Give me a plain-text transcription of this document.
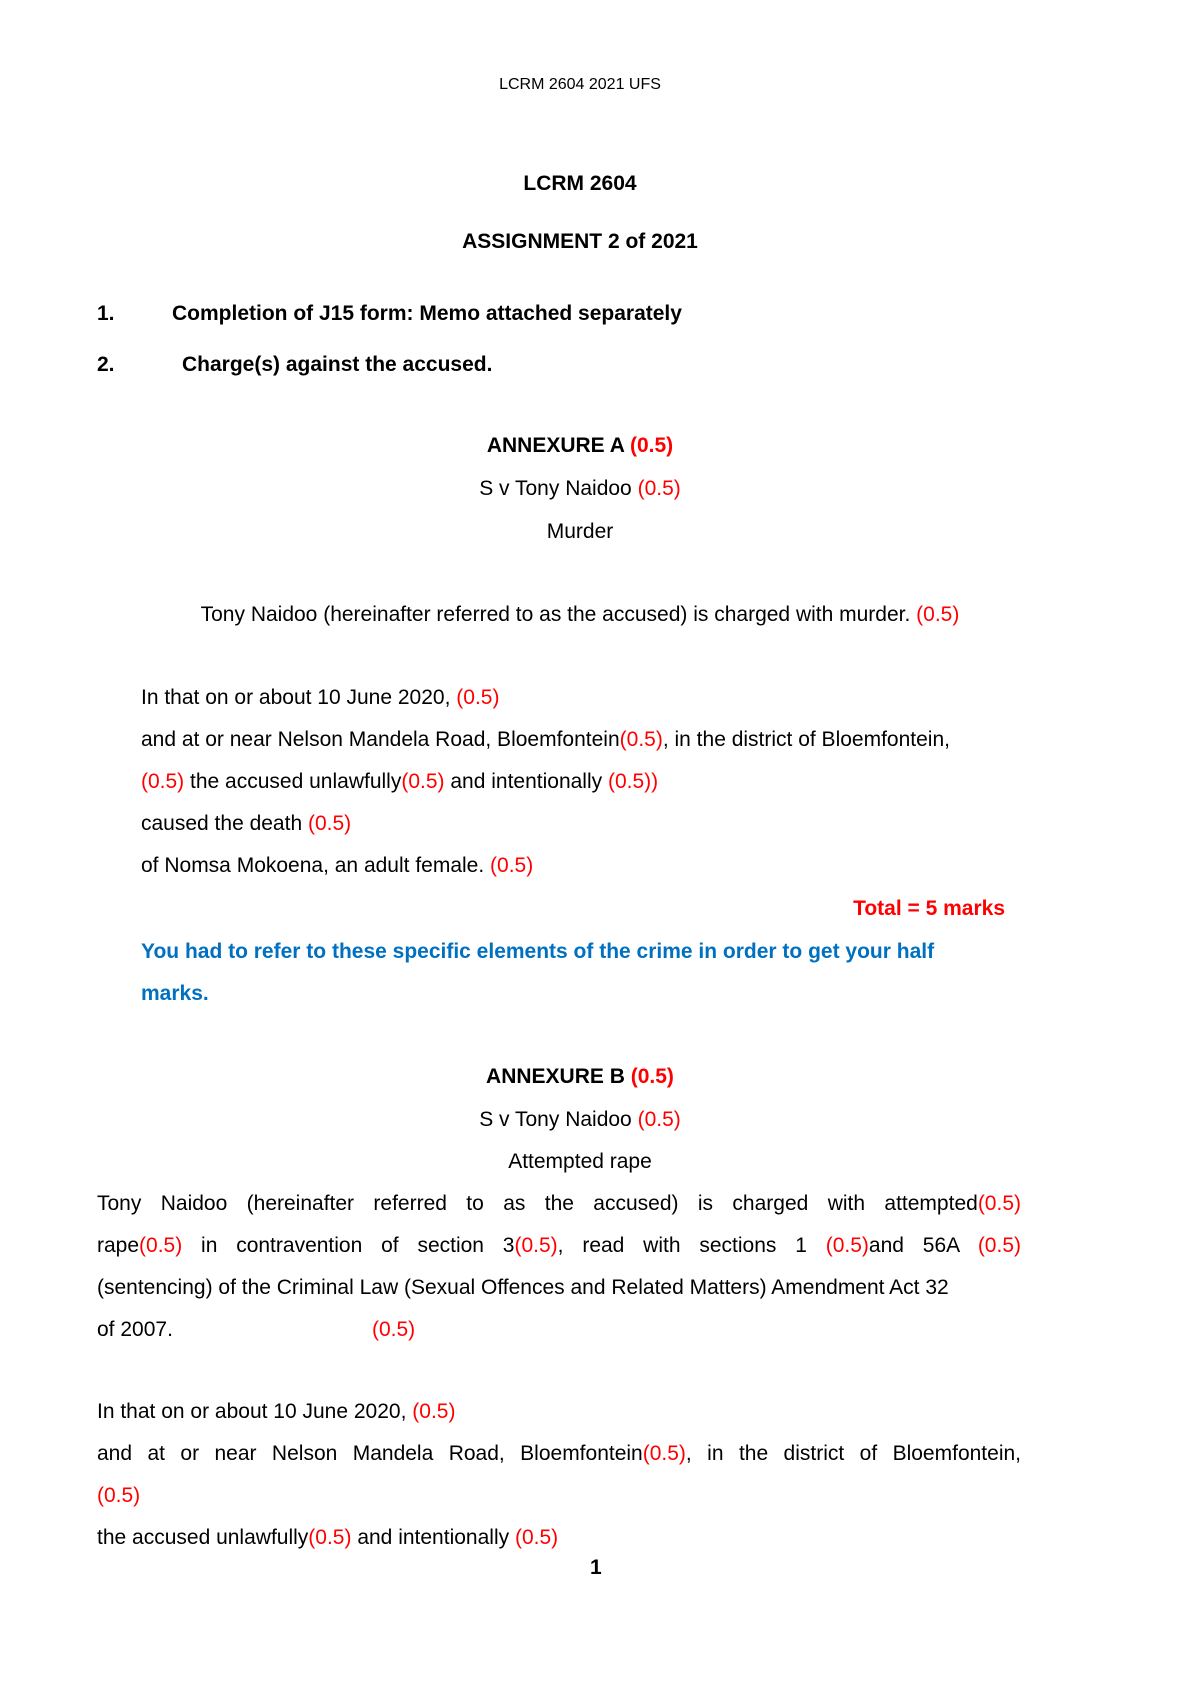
LCRM 2604 2021 UFS
LCRM 2604
ASSIGNMENT 2 of 2021
1.	Completion of J15 form: Memo attached separately
2.	Charge(s) against the accused.
ANNEXURE A (0.5)
S v Tony Naidoo (0.5)
Murder
Tony Naidoo (hereinafter referred to as the accused) is charged with murder. (0.5)
In that on or about 10 June 2020, (0.5)
and at or near Nelson Mandela Road, Bloemfontein(0.5), in the district of Bloemfontein,
(0.5) the accused unlawfully(0.5) and intentionally (0.5))
caused the death (0.5)
of Nomsa Mokoena, an adult female. (0.5)
Total = 5 marks
You had to refer to these specific elements of the crime in order to get your half
marks.
ANNEXURE B (0.5)
S v Tony Naidoo (0.5)
Attempted rape
Tony Naidoo (hereinafter referred to as the accused) is charged with attempted(0.5)
rape(0.5) in contravention of section 3(0.5), read with sections 1 (0.5)and 56A (0.5)
(sentencing) of the Criminal Law (Sexual Offences and Related Matters) Amendment Act 32
of 2007.	(0.5)
In that on or about 10 June 2020, (0.5)
and at or near Nelson Mandela Road, Bloemfontein(0.5), in the district of Bloemfontein,
(0.5)
the accused unlawfully(0.5) and intentionally (0.5)
1
